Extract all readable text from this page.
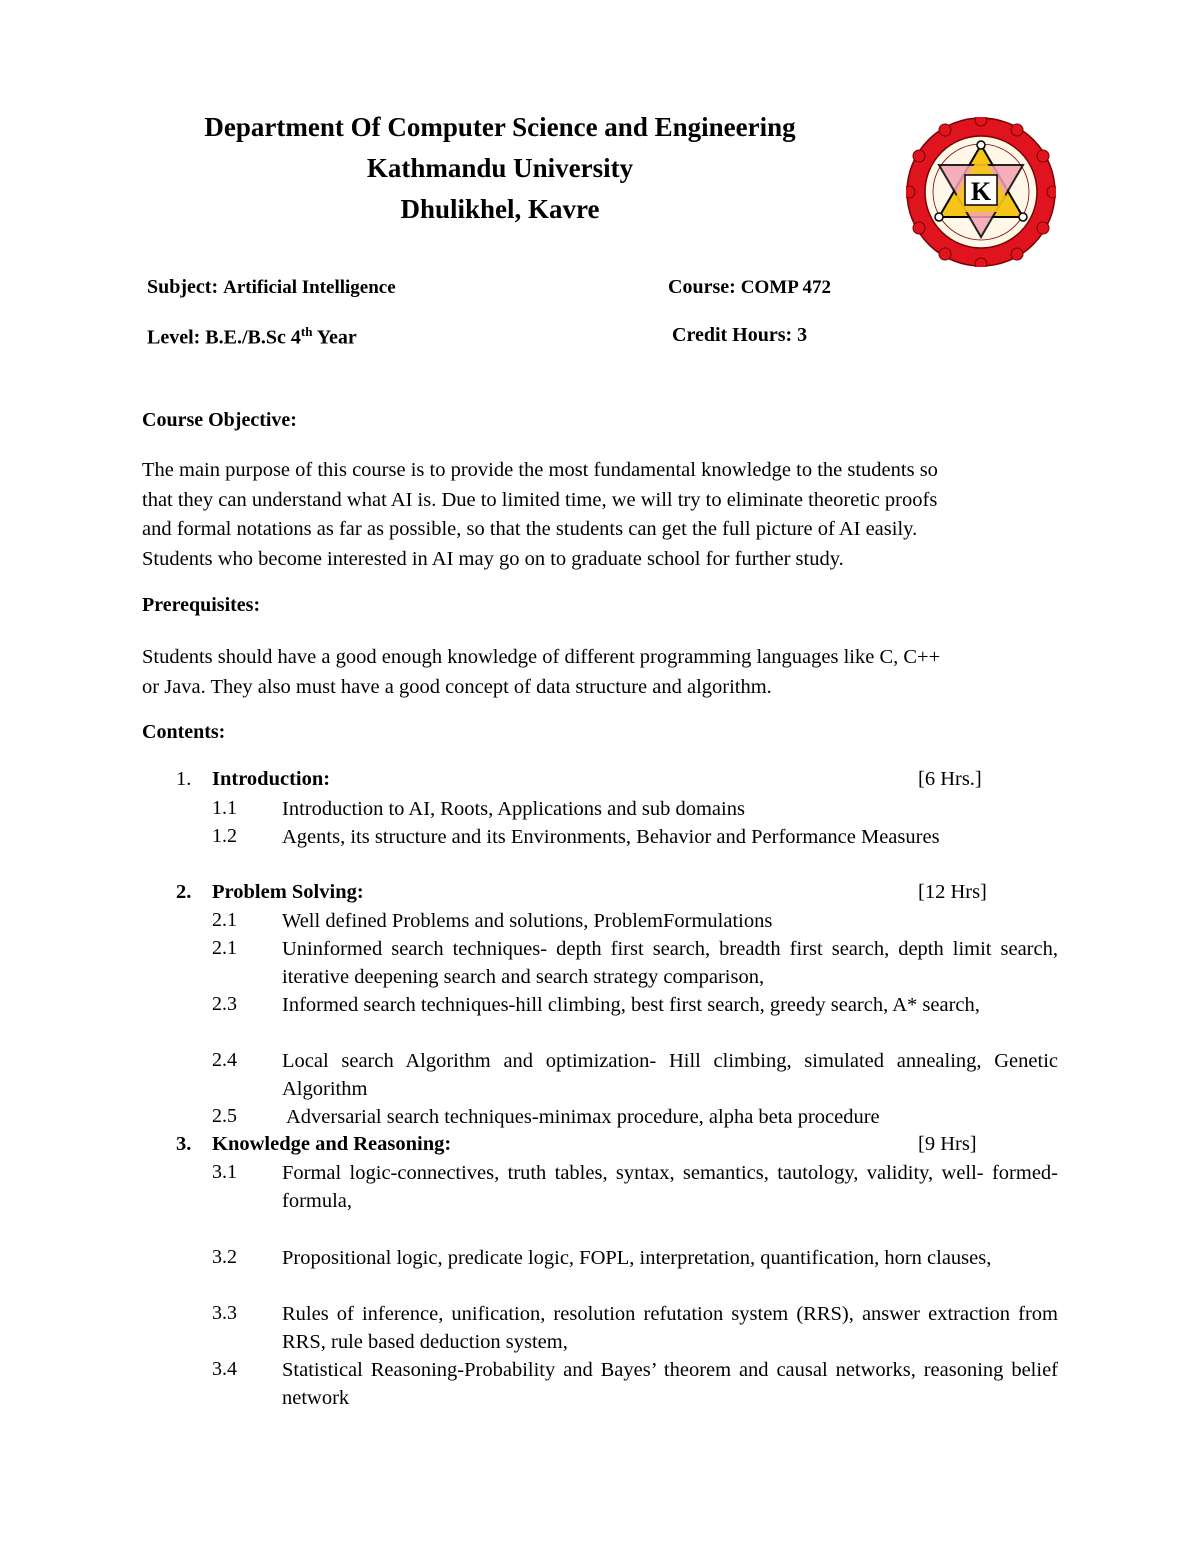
Department Of Computer Science and Engineering
Kathmandu University
Dhulikhel, Kavre
K
Subject: Artificial Intelligence	Course: COMP 472
Level: B.E./B.Sc 4th Year	Credit Hours: 3
Course Objective:
The main purpose of this course is to provide the most fundamental knowledge to the students so
that they can understand what AI is. Due to limited time, we will try to eliminate theoretic proofs
and formal notations as far as possible, so that the students can get the full picture of AI easily.
Students who become interested in AI may go on to graduate school for further study.
Prerequisites:
Students should have a good enough knowledge of different programming languages like C, C++
or Java. They also must have a good concept of data structure and algorithm.
Contents:
1. Introduction:	[6 Hrs.]
1.1 Introduction to AI, Roots, Applications and sub domains
1.2 Agents, its structure and its Environments, Behavior and Performance Measures
2. Problem Solving:	[12 Hrs]
2.1 Well defined Problems and solutions, ProblemFormulations
2.1 Uninformed search techniques- depth first search, breadth first search, depth limit search, iterative deepening search and search strategy comparison,
2.3 Informed search techniques-hill climbing, best first search, greedy search, A* search,
2.4 Local search Algorithm and optimization- Hill climbing, simulated annealing, Genetic Algorithm
2.5 Adversarial search techniques-minimax procedure, alpha beta procedure
3. Knowledge and Reasoning:	[9 Hrs]
3.1 Formal logic-connectives, truth tables, syntax, semantics, tautology, validity, well- formed-formula,
3.2 Propositional logic, predicate logic, FOPL, interpretation, quantification, horn clauses,
3.3 Rules of inference, unification, resolution refutation system (RRS), answer extraction from RRS, rule based deduction system,
3.4 Statistical Reasoning-Probability and Bayes’ theorem and causal networks, reasoning belief network
